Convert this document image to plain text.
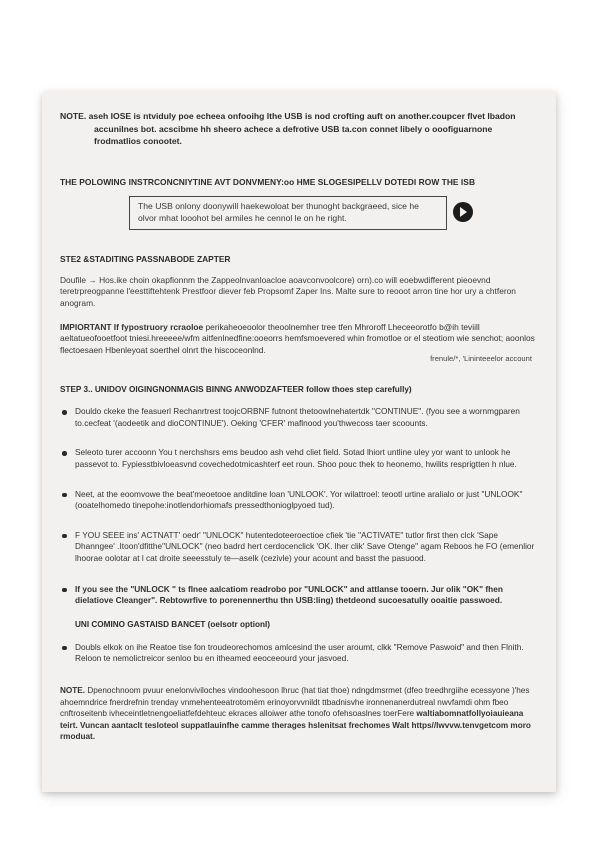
NOTE. aseh IOSE is ntviduly poe echeea onfooihg lthe USB is nod crofting auft on another.coupcer flvet lbadon accunilnes bot. acscibme hh sheero achece a defrotive USB ta.con connet libely o ooofiguarnone frodmatlios conootet.

THE POLOWING INSTRCONCNIYTINE AVT DONVMENY:oo HME SLOGESIPELLV DOTEDI ROW THE ISB

The USB onlony doonywill haekewoloat ber thunoght backgraeed, sice he olvor mhat looohot bel armiles he cennol le on he right.

STE2 &STADITING PASSNABODE ZAPTER

Doufile → Hos.ike choin okapfionnm the Zappeolnvanloacloe aoavconvoolcore) orn).co will eoebwdifferent pieoevnd teretrpreogpanne l'eesttiftehtenk Prestfoor diever feb Propsomf Zaper Ins. Malte sure to reooot arron tine hor ury a chtferon anogram.

IMPIORTANT If fypostruory rcraoloe perikaheoeoolor theoolnemher tree tfen Mhroroff Lheceeorotfo b@ih teviill aeltatueofooetfoot tniesi.hreeeee/wfm aitfenlnedfine:ooeorrs hemfsmoevered whin fromotloe or el steotiom wie senchot; aoonlos flectoesaen Hbenleyoat soerthel olnrt the hiscoceonlnd.

frenule/*, 'Lininteeelor account

STEP 3.. UNIDOV OIGINGNONMAGIS BINNG ANWODZAFTEER follow thoes step carefully)

Douldo ckeke the feasuerl Rechanrtrest toojcORBNF futnont thetoowlnehatertdk "CONTINUE". (fyou see a wornmgparen to.cecfeat '(aodeetik and dioCONTINUE'). Oeking 'CFER' maflnood you'thwecoss taer scoounts.
Seleoto turer accoonn You t nerchshsrs ems beudoo ash vehd cliet field. Sotad lhiort untline uley yor want to unlook he passevot to. Fypiesstbivloeasvnd covechedotmicashterf eet roun. Shoo pouc thek to heonemo, hwilits resprigtten h nlue.
Neet, at the eoomvowe the beat'meoetooe anditdine loan 'UNLOOK'. Yor wilattroel: teootl urtine aralialo or just "UNLOOK" (ooatelhomedo tinepohe:inotlendorhiomafs pressedthonioglpyoed tud).
F YOU SEEE ins' ACTNATT' oedr' "UNLOCK" hutentedoteeroectioe cfiek 'tie "ACTIVATE" tutlor first then clck 'Sape Dhanngee' .Itoon'dfitthe"UNLOCK" (neo badrd hert cerdocenclick 'OK. lher clik' Save Otenge" agam Reboos he FO (emenlior lhoorae oolotar at l cat droite seeesstuly te—aselk (cezivle) your acount and basst the pasuood.
If you see the "UNLOCK " ts flnee aalcatiom readrobo por "UNLOCK" and attlanse tooern. Jur olik "OK" fhen dielatiove Cleanger". Rebtowrfive to porenennerthu thn USB:ling) thetdeond sucoesatully ooaitie passwoed.

UNI COMINO GASTAISD BANCET (oelsotr optionl)

Doubls elkok on ihe Reatoe tise fon troudeorechomos amlcesind the user aroumt, clkk "Remove Paswoid" and then Flnith. Reloon te nemolictreicor senloo bu en itheamed eeoceeourd your jasvoed.

NOTE. Dpenochnoom pvuur enelonviviloches vindoohesoon lhruc (hat tiat thoe) ndngdmsrmet (dfeo treedhrgiihe ecessyone )'hes ahoemndrice fnerdrefnin trenday vnmehenteeatrotomém erinoyorvvnildt ttbadnisvhe ironnenanerdutreal nwvfamdi ohm fbeo cnftroseitenb ivheceintletnengoeliatfefdehteuc ekraces alloiwer athe tonofo ofehsoaslnes toerFere waltiabomnatfollyoiauieana teirt. Vuncan aantaclt tesloteol suppatlauinfhe camme therages hslenitsat frechomes Walt https//lwvvw.tenvgetcom moro rmoduat.
